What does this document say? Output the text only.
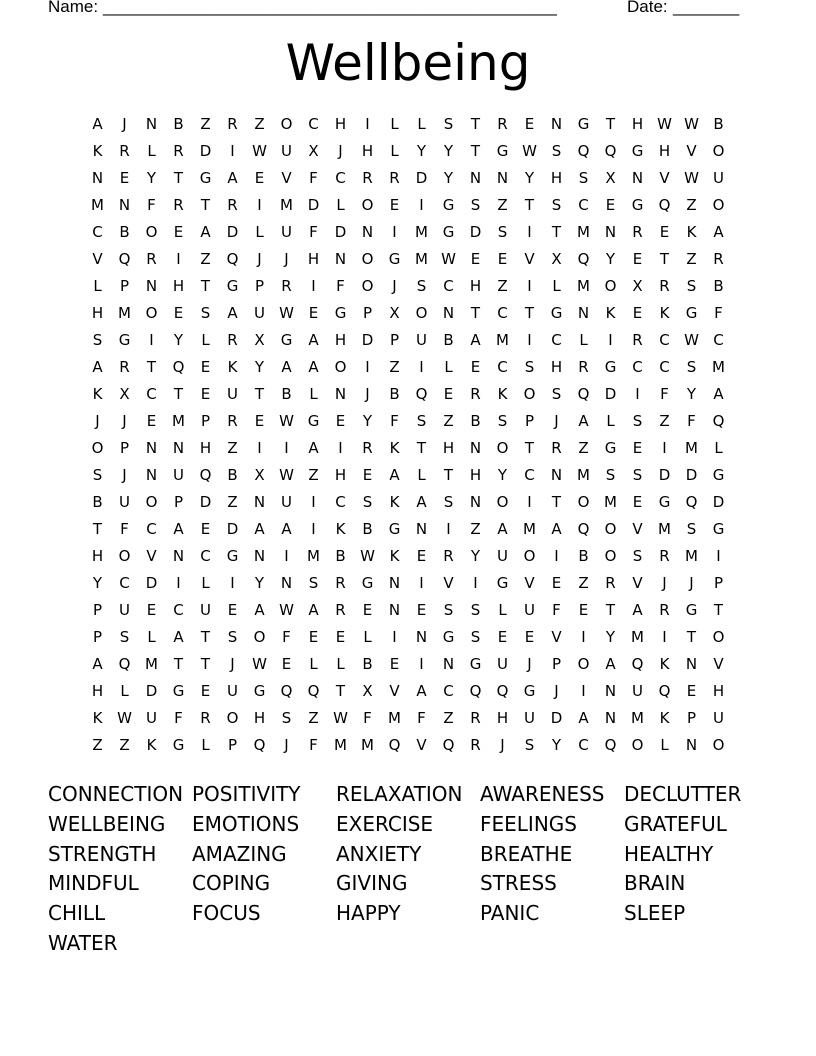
Name: ________________________________________________	Date: _______
Wellbeing
A	J	N	B	Z	R	Z	O	C	H	I	L	L	S	T	R	E	N	G	T	H W W B
K	R	L	R	D	I	W U	X	J	H	L	Y	Y	T	G W S	Q	Q	G	H	V	O
N	E	Y	T	G	A	E	V	F	C	R	R	D	Y	N	N	Y	H	S	X	N	V W U
M N	F	R	T	R	I	M D	L	O	E	I	G	S	Z	T	S	C	E	G	Q	Z	O
C	B	O	E	A	D	L	U	F	D	N	I	M G	D	S	I	T	M N	R	E	K	A
V	Q	R	I	Z	Q	J	J	H	N	O	G M W E	E	V	X	Q	Y	E	T	Z	R
L	P	N	H	T	G	P	R	I	F	O	J	S	C	H	Z	I	L	M O	X	R	S	B
H M O	E	S	A	U W E	G	P	X	O	N	T	C	T	G	N	K	E	K	G	F
S	G	I	Y	L	R	X	G	A	H	D	P	U	B	A	M	I	C	L	I	R	C W C
A	R	T	Q	E	K	Y	A	A	O	I	Z	I	L	E	C	S	H	R	G	C	C	S	M
K	X	C	T	E	U	T	B	L	N	J	B	Q	E	R	K	O	S	Q	D	I	F	Y	A
J	J	E	M	P	R	E W G	E	Y	F	S	Z	B	S	P	J	A	L	S	Z	F	Q
O	P	N	N	H	Z	I	I	A	I	R	K	T	H	N	O	T	R	Z	G	E	I	M	L
S	J	N	U	Q	B	X W Z	H	E	A	L	T	H	Y	C	N M	S	S	D	D	G
B	U	O	P	D	Z	N	U	I	C	S	K	A	S	N	O	I	T	O M	E	G	Q	D
T	F	C	A	E	D	A	A	I	K	B	G	N	I	Z	A	M	A	Q	O	V	M	S	G
H	O	V	N	C	G	N	I	M	B W K	E	R	Y	U	O	I	B	O	S	R	M	I
Y	C	D	I	L	I	Y	N	S	R	G	N	I	V	I	G	V	E	Z	R	V	J	J	P
P	U	E	C	U	E	A W A	R	E	N	E	S	S	L	U	F	E	T	A	R	G	T
P	S	L	A	T	S	O	F	E	E	L	I	N	G	S	E	E	V	I	Y	M	I	T	O
A	Q M	T	T	J	W E	L	L	B	E	I	N	G	U	J	P	O	A	Q	K	N	V
H	L	D	G	E	U	G	Q	Q	T	X	V	A	C	Q	Q	G	J	I	N	U	Q	E	H
K W U	F	R	O	H	S	Z W	F	M	F	Z	R	H	U	D	A	N M	K	P	U
Z	Z	K	G	L	P	Q	J	F	M M Q	V	Q	R	J	S	Y	C	Q	O	L	N	O
CONNECTION POSITIVITY	RELAXATION AWARENESS DECLUTTER
WELLBEING	EMOTIONS	EXERCISE	FEELINGS	GRATEFUL
STRENGTH	AMAZING	ANXIETY	BREATHE	HEALTHY
MINDFUL	COPING	GIVING	STRESS	BRAIN
CHILL	FOCUS	HAPPY	PANIC	SLEEP
WATER
